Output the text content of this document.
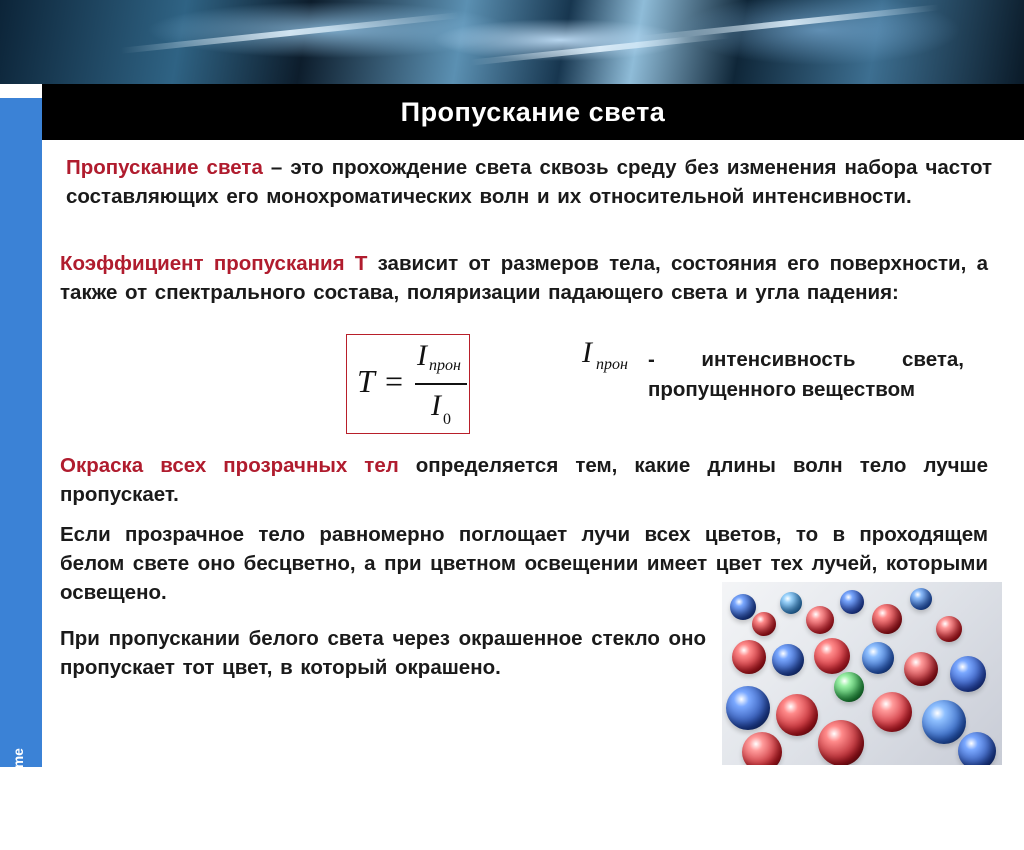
Пропускание света
company name
Пропускание света – это прохождение света сквозь среду без изменения набора частот составляющих его монохроматических волн и их относительной интенсивности.
Коэффициент пропускания Т зависит от размеров тела, состояния его поверхности, а также от спектрального состава, поляризации падающего света и угла падения:
T =
I прон
I 0
I прон - интенсивность света,
пропущенного веществом
Окраска всех прозрачных тел определяется тем, какие длины волн тело лучше пропускает.
Если прозрачное тело равномерно поглощает лучи всех цветов, то в проходящем белом свете оно бесцветно, а при цветном освещении имеет цвет тех лучей, которыми освещено.
При пропускании белого света через окрашенное стекло оно пропускает тот цвет, в который окрашено.
